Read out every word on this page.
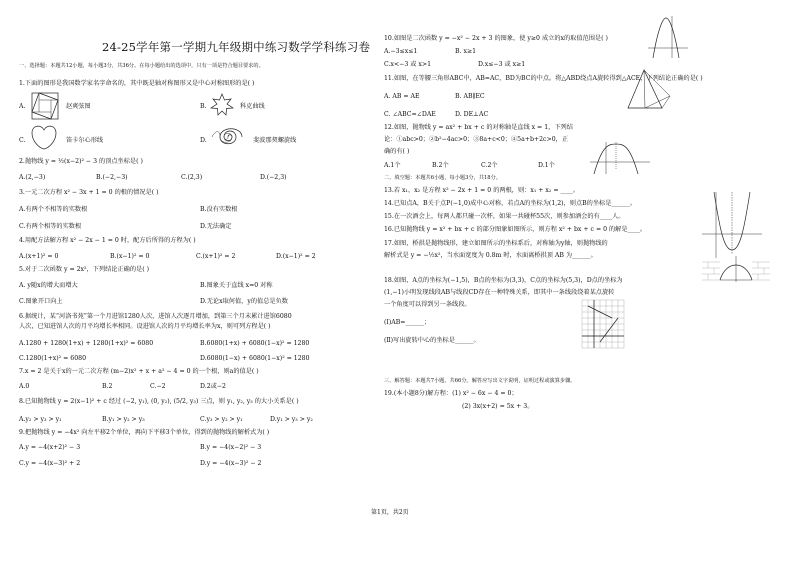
24-25学年第一学期九年级期中练习数学学科练习卷
一、选择题：本题共12小题，每小题3分，共36分。在每小题给出的选项中，只有一项是符合题目要求的。
1.下面的图形是我国数学家名字命名的，其中既是轴对称图形又是中心对称图形的是( )
A.	赵爽弦图	B.	科克曲线
C.	笛卡尔心形线	D.	斐波那契螺旋线
2.抛物线 y = ½(x−2)² − 3 的顶点坐标是( )
A.(2,−3)	B.(−2,−3)	C.(2,3)	D.(−2,3)
3.一元二次方程 x² − 3x + 1 = 0 的根的情况是( )
A.有两个不相等的实数根	B.没有实数根
C.有两个相等的实数根	D.无法确定
4.用配方法解方程 x² − 2x − 1 = 0 时，配方后所得的方程为( )
A.(x+1)² = 0	B.(x−1)² = 0	C.(x+1)² = 2	D.(x−1)² = 2
5.对于二次函数 y = 2x²，下列结论正确的是( )
A. y随x的增大而增大	B.图象关于直线 x=0 对称
C.图象开口向上	D.无论x取何值，y的值总是负数
6.据统计，某“河洛书苑”第一个月进馆1280人次，进馆人次逐月增加，到第三个月末累计进馆6080
人次，已知进馆人次的月平均增长率相同。设进馆人次的月平均增长率为x，则可列方程是( )
A.1280 + 1280(1+x) + 1280(1+x)² = 6080	B.6080(1+x) + 6080(1−x)² = 1280
C.1280(1+x)² = 6080	D.6080(1−x) + 6080(1−x)² = 1280
7.x = 2 是关于x的一元二次方程 (m−2)x² + x + a² − 4 = 0 的一个根，则a的值是( )
A.0	B.2	C.−2	D.2或−2
8.已知抛物线 y = 2(x−1)² + c 经过 (−2, y₁), (0, y₂), (5/2, y₃) 三点，则 y₁, y₂, y₃ 的大小关系是( )
A.y₂ > y₃ > y₁	B.y₁ > y₂ > y₃	C.y₃ > y₂ > y₁	D.y₁ > y₃ > y₂
9.把抛物线 y = −4x² 向左平移2个单位，再向下平移3个单位，得到的抛物线的解析式为( )
A.y = −4(x+2)² − 3	B.y = −4(x−2)² − 3
C.y = −4(x−3)² + 2	D.y = −4(x−3)² − 2
10.如图是二次函数 y = −x² − 2x + 3 的图象，使 y≥0 成立的x的取值范围是( )
A.−3≤x≤1	B. x≥1
C.x<−3 或 x>1	D.x≤−3 或 x≥1
11.如图，在等腰三角形ABC中，AB=AC，BD为BC的中点。将△ABD绕点A旋转得到△ACE，下列结论正确的是( )
A. AB = AE	B. AB∥EC
C. ∠ABC=∠DAE	D. DE⊥AC
12.如图，抛物线 y = ax² + bx + c 的对称轴是直线 x = 1，下列结
论：①abc>0；②b²−4ac>0；③8a+c<0；④5a+b+2c>0，正
确的有( )
A.1个	B.2个	C.2个	D.1个
二、填空题：本题共6小题，每小题3分，共18分。
13.若 x₁，x₂ 是方程 x² − 2x + 1 = 0 的两根，则：x₁ + x₂ = ____。
14.已知点A，B关于点P(−1,0)成中心对称，若点A的坐标为(1,2)，则点B的坐标是______。
15.在一次酒会上，每两人都只碰一次杯，如果一共碰杯55次，则参加酒会的有____人。
16.已知抛物线 y = x² + bx + c 的部分图象如图所示，则方程 x² + bx + c = 0 的解是____。
17.如图，桥拱是抛物线形，建立如图所示的坐标系后，对称轴为y轴，则抛物线的
解析式是 y = −½x²，当水面宽度为 0.8m 时，水面离桥拱顶 AB 为______。
18.如图，A点的坐标为(−1,5)，B点的坐标为(3,3)，C点的坐标为(5,3)，D点的坐标为
(1,−1)小明发现线段AB与线段CD存在一种特殊关系，即其中一条线段绕着某点旋转
一个角度可以得到另一条线段。
(Ⅰ)AB=______；
(Ⅱ)写出旋转中心的坐标是______。
三、解答题：本题共7小题，共66分。解答应写出文字说明，证明过程或演算步骤。
19.(本小题8分)解方程：(1) x² − 6x − 4 = 0；
(2) 3x(x+2) = 5x + 3。
第1页，共2页
